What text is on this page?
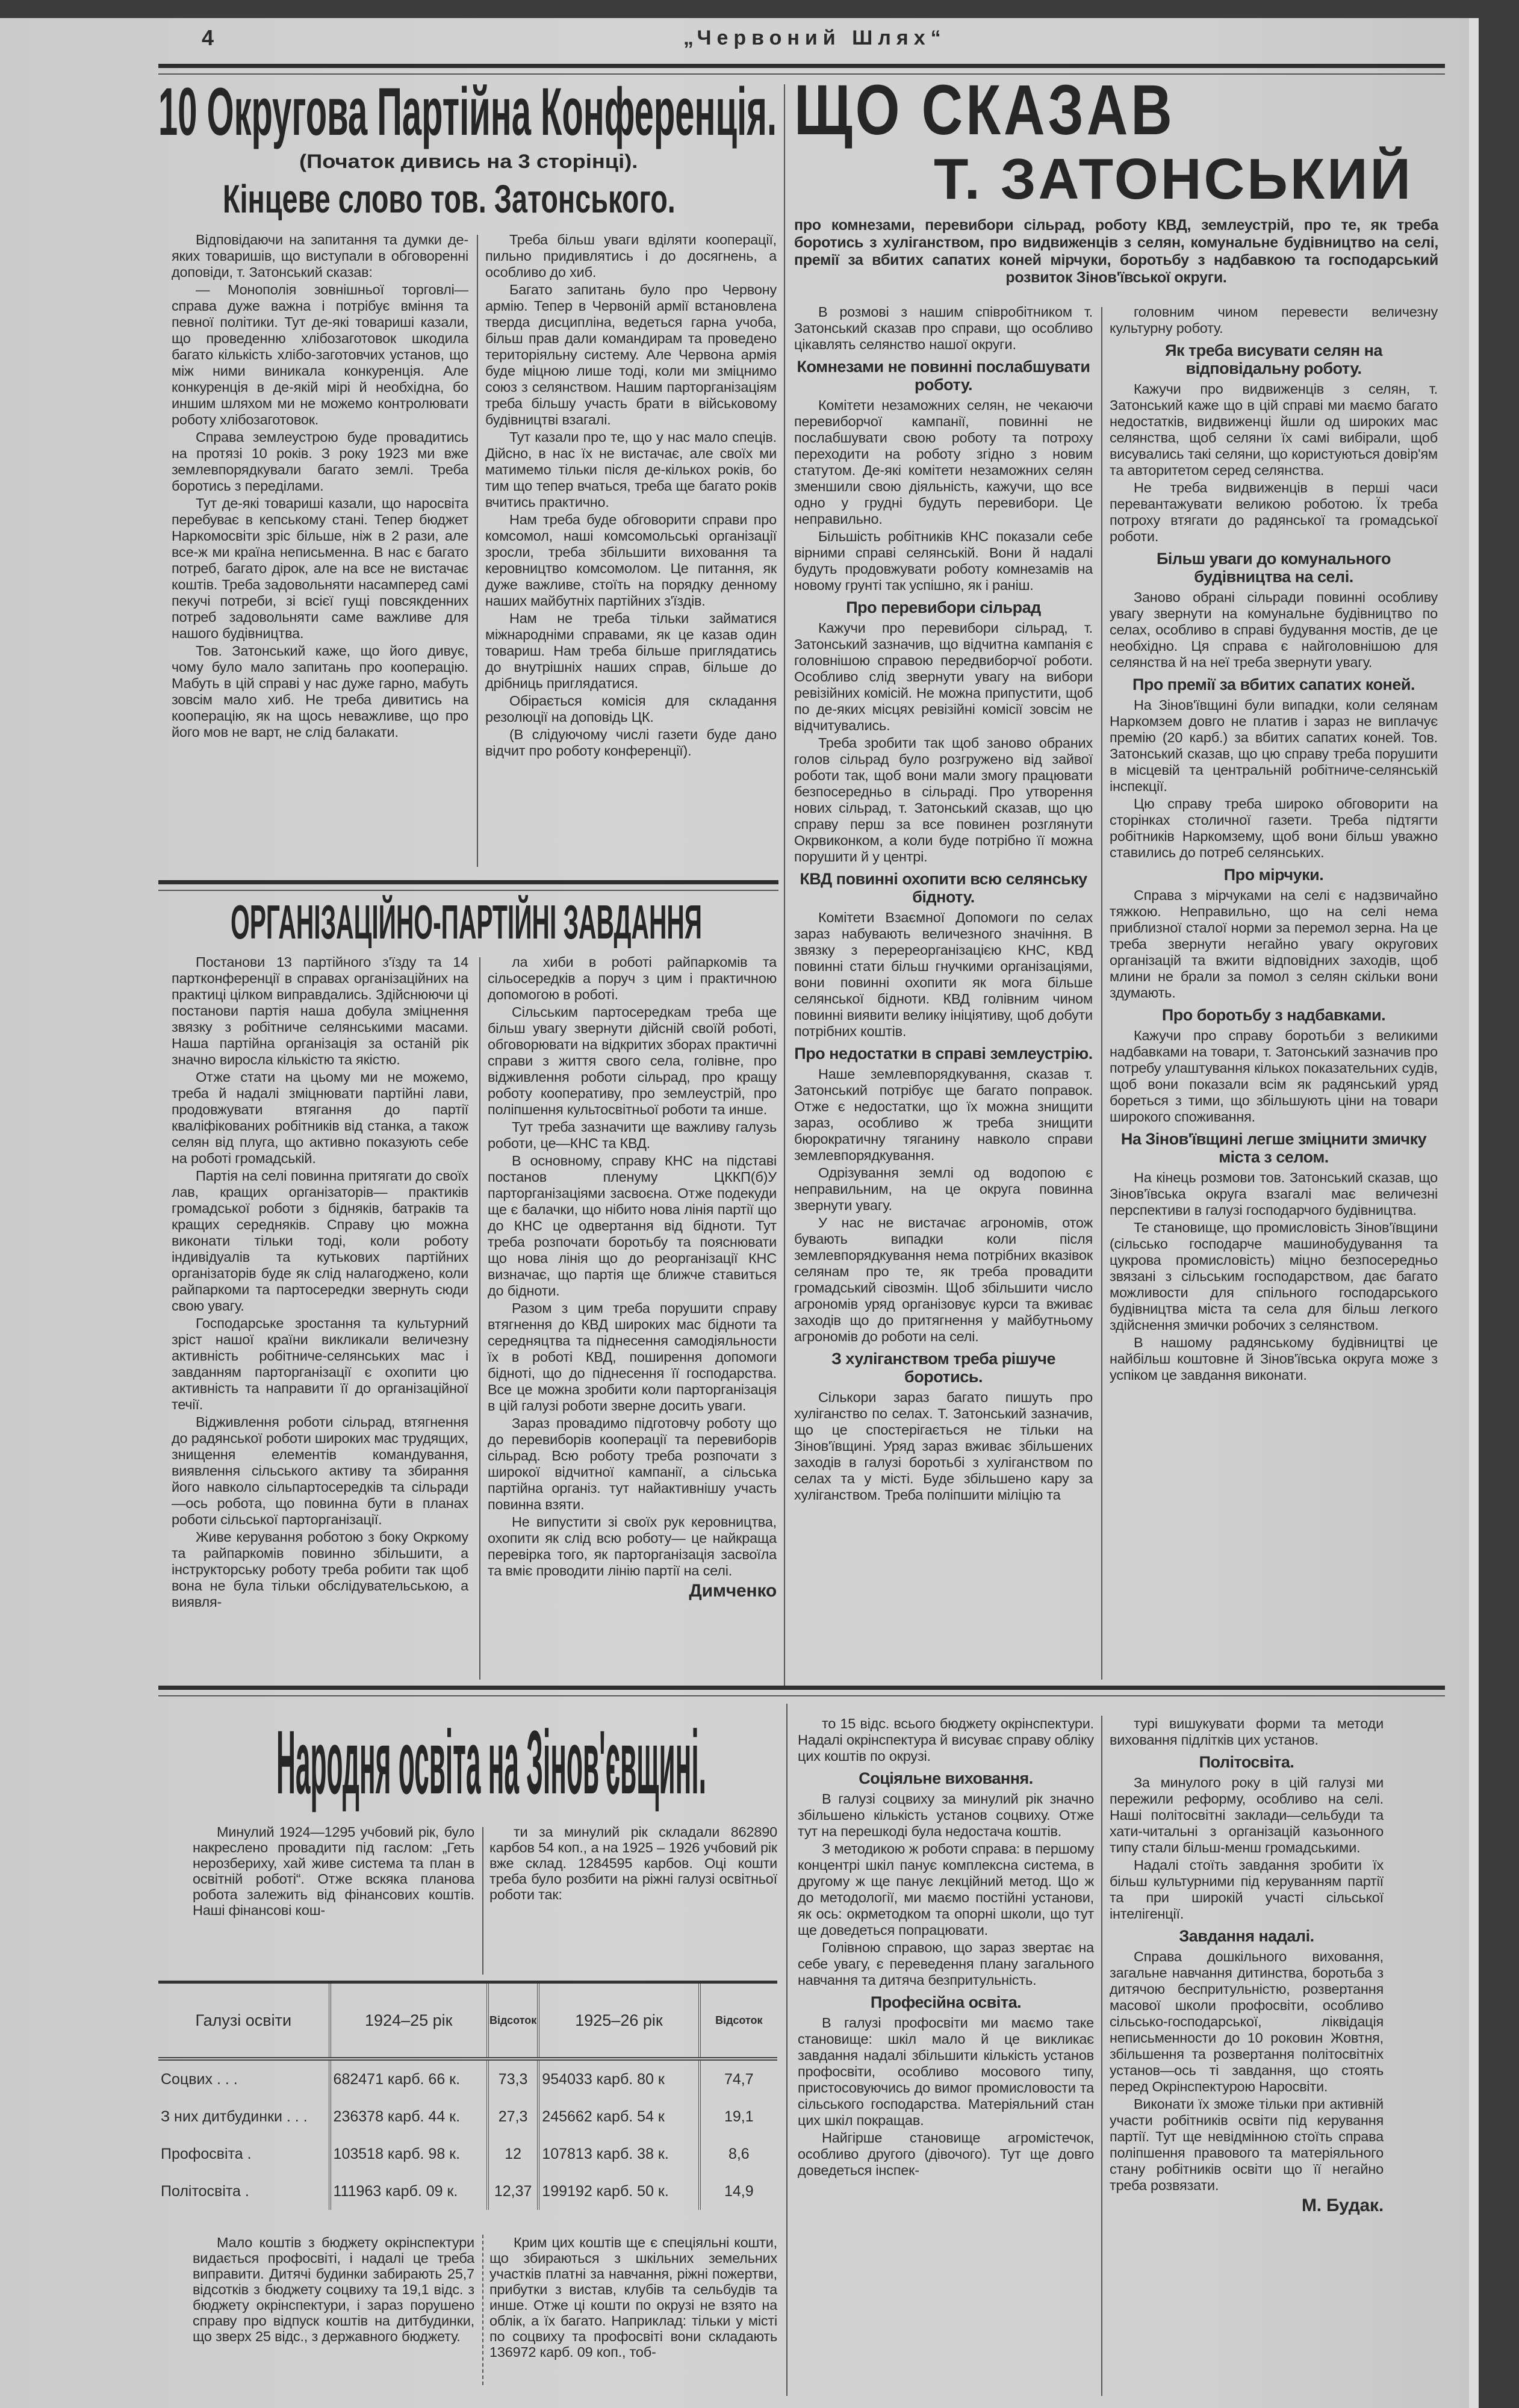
4	„Червоний Шлях“
10 Округова Партійна Конференція.
(Початок дивись на 3 сторінці).
Кінцеве слово тов. Затонського.

Відповідаючи на запитання та думки де-яких товаришів, що виступали в обговоренні доповіди, т. Затонський сказав:

— Монополія зовнішньої торговлі— справа дуже важна і потрібує вміння та певної політики. Тут де-які товариші казали, що проведенню хлібозаготовок шкодила багато кількість хлібо-заготовчих установ, що між ними виникала конкуренція. Але конкуренція в де-якій мірі й необхідна, бо иншим шляхом ми не можемо контролювати роботу хлібозаготовок.

Справа землеустрою буде провадитись на протязі 10 років. З року 1923 ми вже землевпорядкували багато землі. Треба боротись з переділами.

Тут де-які товариші казали, що наросвіта перебуває в кепському стані. Тепер бюджет Наркомосвіти зріс більше, ніж в 2 рази, але все-ж ми країна неписьменна. В нас є багато потреб, багато дірок, але на все не вистачає коштів. Треба задовольняти насамперед самі пекучі потреби, зі всієї гущі повсякденних потреб задовольняти саме важливе для нашого будівництва.

Тов. Затонський каже, що його дивує, чому було мало запитань про кооперацію. Мабуть в цій справі у нас дуже гарно, мабуть зовсім мало хиб. Не треба дивитись на кооперацію, як на щось неважливе, що про його мов не варт, не слід балакати.

Треба більш уваги вділяти кооперації, пильно придивлятись і до досягнень, а особливо до хиб.

Багато запитань було про Червону армію. Тепер в Червоній армії встановлена тверда дисципліна, ведеться гарна учоба, більш прав дали командирам та проведено територіяльну систему. Але Червона армія буде міцною лише тоді, коли ми зміцнимо союз з селянством. Нашим парторганізаціям треба більшу участь брати в військовому будівництві взагалі.

Тут казали про те, що у нас мало спеців. Дійсно, в нас їх не вистачає, але своїх ми матимемо тільки після де-кількох років, бо тим що тепер вчаться, треба ще багато років вчитись практично.

Нам треба буде обговорити справи про комсомол, наші комсомольські організації зросли, треба збільшити виховання та керовництво комсомолом. Це питання, як дуже важливе, стоїть на порядку денному наших майбутніх партійних з'їздів.

Нам не треба тільки займатися міжнародніми справами, як це казав один товариш. Нам треба більше приглядатись до внутрішніх наших справ, більше до дрібниць приглядатися.

Обірається комісія для складання резолюції на доповідь ЦК.

(В слідуючому числі газети буде дано відчит про роботу конференції).

ОРГАНІЗАЦІЙНО-ПАРТІЙНІ ЗАВДАННЯ

Постанови 13 партійного з'їзду та 14 партконференції в справах організаційних на практиці цілком виправдались. Здійснюючи ці постанови партія наша добула зміцнення звязку з робітниче селянськими масами. Наша партійна організація за останій рік значно виросла кількістю та якістю.

Отже стати на цьому ми не можемо, треба й надалі зміцнювати партійні лави, продовжувати втягання до партії кваліфікованих робітників від станка, а також селян від плуга, що активно показують себе на роботі громадській.

Партія на селі повинна притягати до своїх лав, кращих організаторів— практиків громадської роботи з бідняків, батраків та кращих середняків. Справу цю можна виконати тільки тоді, коли роботу індивідуалів та кутькових партійних організаторів буде як слід налагоджено, коли райпаркоми та партосередки звернуть сюди свою увагу.

Господарське зростання та культурний зріст нашої країни викликали величезну активність робітниче-селянських мас і завданням парторганізації є охопити цю активність та направити її до організаційної течії.

Відживлення роботи сільрад, втягнення до радянської роботи широких мас трудящих, знищення елементів командування, виявлення сільського активу та збирання його навколо сільпартосередків та сільради—ось робота, що повинна бути в планах роботи сільської парторганізації.

Живе керування роботою з боку Окркому та райпаркомів повинно збільшити, а інструкторську роботу треба робити так щоб вона не була тільки обслідувательською, а виявля-

ла хиби в роботі райпаркомів та сільосередків а поруч з цим і практичною допомогою в роботі.

Сільським партосередкам треба ще більш увагу звернути дійсній своїй роботі, обговорювати на відкритих зборах практичні справи з життя свого села, голівне, про відживлення роботи сільрад, про кращу роботу кооперативу, про землеустрій, про поліпшення культосвітньої роботи та инше.

Тут треба зазначити ще важливу галузь роботи, це—КНС та КВД.

В основному, справу КНС на підставі постанов пленуму ЦККП(б)У парторганізаціями засвоєна. Отже подекуди ще є балачки, що нібито нова лінія партії що до КНС це одвертання від бідноти. Тут треба розпочати боротьбу та пояснювати що нова лінія що до реорганізації КНС визначає, що партія ще ближче ставиться до бідноти.

Разом з цим треба порушити справу втягнення до КВД широких мас бідноти та середняцтва та піднесення самодіяльности їх в роботі КВД, поширення допомоги бідноті, що до піднесення її господарства. Все це можна зробити коли парторганізація в цій галузі роботи зверне досить уваги.

Зараз провадимо підготовчу роботу що до перевиборів кооперації та перевиборів сільрад. Всю роботу треба розпочати з широкої відчитної кампанії, а сільська партійна організ. тут найактивнішу участь повинна взяти.

Не випустити зі своїх рук керовництва, охопити як слід всю роботу— це найкраща перевірка того, як парторганізація засвоїла та вміє проводити лінію партії на селі.

Димченко

ЩО СКАЗАВ
Т. ЗАТОНСЬКИЙ
про комнезами, перевибори сільрад, роботу КВД, землеустрій, про те, як треба боротись з хуліганством, про видвиженців з селян, комунальне будівництво на селі, премії за вбитих сапатих коней мірчуки, боротьбу з надбавкою та господарський розвиток Зінов'ївської округи.

В розмові з нашим співробітником т. Затонський сказав про справи, що особливо цікавлять селянство нашої округи.

Комнезами не повинні послабшувати роботу.

Комітети незаможних селян, не чекаючи перевиборчої кампанії, повинні не послабшувати свою роботу та потроху переходити на роботу згідно з новим статутом. Де-які комітети незаможних селян зменшили свою діяльність, кажучи, що все одно у грудні будуть перевибори. Це неправильно.

Більшість робітників КНС показали себе вірними справі селянській. Вони й надалі будуть продовжувати роботу комнезамів на новому грунті так успішно, як і раніш.

Про перевибори сільрад

Кажучи про перевибори сільрад, т. Затонський зазначив, що відчитна кампанія є головнішою справою передвиборчої роботи. Особливо слід звернути увагу на вибори ревізійних комісій. Не можна припустити, щоб по де-яких місцях ревізійні комісії зовсім не відчитувались.

Треба зробити так щоб заново обраних голов сільрад було розгружено від зайвої роботи так, щоб вони мали змогу працювати безпосередньо в сільраді. Про утворення нових сільрад, т. Затонський сказав, що цю справу перш за все повинен розглянути Окрвиконком, а коли буде потрібно її можна порушити й у центрі.

КВД повинні охопити всю селянську бідноту.

Комітети Взаємної Допомоги по селах зараз набувають величезного значіння. В звязку з перереорганізацією КНС, КВД повинні стати більш гнучкими організаціями, вони повинні охопити як мога більше селянської бідноти. КВД голівним чином повинні виявити велику ініціятиву, щоб добути потрібних коштів.

Про недостатки в справі землеустрію.

Наше землевпорядкування, сказав т. Затонський потрібує ще багато поправок. Отже є недостатки, що їх можна знищити зараз, особливо ж треба знищити бюрократичну тяганину навколо справи землевпорядкування.

Одрізування землі од водопою є неправильним, на це округа повинна звернути увагу.

У нас не вистачає агрономів, отож бувають випадки коли після землевпорядкування нема потрібних вказівок селянам про те, як треба провадити громадський сівозмін. Щоб збільшити число агрономів уряд організовує курси та вживає заходів що до притягнення у майбутньому агрономів до роботи на селі.

З хуліганством треба рішуче боротись.

Сількори зараз багато пишуть про хуліганство по селах. Т. Затонський зазначив, що це спостерігається не тільки на Зінов'ївщині. Уряд зараз вживає збільшених заходів в галузі боротьбі з хуліганством по селах та у місті. Буде збільшено кару за хуліганством. Треба поліпшити міліцію та

головним чином перевести величезну культурну роботу.

Як треба висувати селян на відповідальну роботу.

Кажучи про видвиженців з селян, т. Затонський каже що в цій справі ми маємо багато недостатків, видвиженці йшли од широких мас селянства, щоб селяни їх самі вибірали, щоб висувались такі селяни, що користуються довір'ям та авторитетом серед селянства.

Не треба видвиженців в перші часи перевантажувати великою роботою. Їх треба потроху втягати до радянської та громадської роботи.

Більш уваги до комунального будівництва на селі.

Заново обрані сільради повинні особливу увагу звернути на комунальне будівництво по селах, особливо в справі будування мостів, де це необхідно. Ця справа є найголовнішою для селянства й на неї треба звернути увагу.

Про премії за вбитих сапатих коней.

На Зінов'ївщині були випадки, коли селянам Наркомзем довго не платив і зараз не виплачує премію (20 карб.) за вбитих сапатих коней. Тов. Затонський сказав, що цю справу треба порушити в місцевій та центральній робітниче-селянській інспекції.

Цю справу треба широко обговорити на сторінках столичної газети. Треба підтягти робітників Наркомзему, щоб вони більш уважно ставились до потреб селянських.

Про мірчуки.

Справа з мірчуками на селі є надзвичайно тяжкою. Неправильно, що на селі нема приблизної сталої норми за перемол зерна. На це треба звернути негайно увагу округових організацій та вжити відповідних заходів, щоб млини не брали за помол з селян скільки вони здумають.

Про боротьбу з надбавками.

Кажучи про справу боротьби з великими надбавками на товари, т. Затонський зазначив про потребу улаштування кількох показательних судів, щоб вони показали всім як радянський уряд бореться з тими, що збільшують ціни на товари широкого споживання.

На Зінов'ївщині легше зміцнити змичку міста з селом.

На кінець розмови тов. Затонський сказав, що Зінов'ївська округа взагалі має величезні перспективи в галузі господарчого будівництва.

Те становище, що промисловість Зінов'ївщини (сільсько господарче машинобудування та цукрова промисловість) міцно безпосередньо звязані з сільським господарством, дає багато можливости для спільного господарського будівництва міста та села для більш легкого здійснення змички робочих з селянством.

В нашому радянському будівництві це найбільш коштовне й Зінов'ївська округа може з успіком це завдання виконати.

Народня освіта на Зінов'євщині.

Минулий 1924—1295 учбовий рік, було накреслено провадити під гаслом: „Геть нерозбериху, хай живе система та план в освітній роботі“. Отже вскяка планова робота залежить від фінансових коштів. Наші фінансові кош-

ти за минулий рік складали 862890 карбов 54 коп., а на 1925 – 1926 учбовий рік вже склад. 1284595 карбов. Оці кошти треба було розбити на ріжні галузі освітньої роботи так:

Галузі освіти	1924–25 рік	Відсоток	1925–26 рік	Відсоток
Соцвих . . .	682471 карб. 66 к.	73,3	954033 карб. 80 к	74,7
З них дитбудинки . . .	236378 карб. 44 к.	27,3	245662 карб. 54 к	19,1
Профосвіта .	103518 карб. 98 к.	12	107813 карб. 38 к.	8,6
Політосвіта .	111963 карб. 09 к.	12,37	199192 карб. 50 к.	14,9

Мало коштів з бюджету окрінспектури видається профосвіті, і надалі це треба виправити. Дитячі будинки забирають 25,7 відсотків з бюджету соцвиху та 19,1 відс. з бюджету окрінспектури, і зараз порушено справу про відпуск коштів на дитбудинки, що зверх 25 відс., з державного бюджету.

Крим цих коштів ще є спеціяльні кошти, що збираються з шкільних земельних участків платні за навчання, ріжні пожертви, прибутки з вистав, клубів та сельбудів та инше. Отже ці кошти по окрузі не взято на облік, а їх багато. Наприклад: тільки у місті по соцвиху та профосвіті вони складають 136972 карб. 09 коп., тоб-

то 15 відс. всього бюджету окрінспектури. Надалі окрінспектура й висуває справу обліку цих коштів по окрузі.

Соціяльне виховання.

В галузі соцвиху за минулий рік значно збільшено кількість установ соцвиху. Отже тут на перешкоді була недостача коштів.

З методикою ж роботи справа: в першому концентрі шкіл панує комплексна система, в другому ж ще панує лекційний метод. Що ж до методології, ми маємо постійні установи, як ось: окрметодком та опорні школи, що тут ще доведеться попрацювати.

Голівною справою, що зараз звертає на себе увагу, є переведення плану загального навчання та дитяча безпритульність.

Професійна освіта.

В галузі профосвіти ми маємо таке становище: шкіл мало й це викликає завдання надалі збільшити кількість установ профосвіти, особливо мосового типу, пристосовуючись до вимог промисловости та сільського господарства. Матеріяльний стан цих шкіл покращав.

Найгірше становище агромістечок, особливо другого (дівочого). Тут ще довго доведеться інспек-

турі вишукувати форми та методи виховання підлітків цих установ.

Політосвіта.

За минулого року в цій галузі ми пережили реформу, особливо на селі. Наші політосвітні заклади—сельбуди та хати-читальні з організацій казьонного типу стали більш-менш громадськими.

Надалі стоїть завдання зробити їх більш культурними під керуванням партії та при широкій участі сільської інтелігенції.

Завдання надалі.

Справа дошкільного виховання, загальне навчання дитинства, боротьба з дитячою беспритульністю, розвертання масової школи профосвіти, особливо сільсько-господарської, ліквідація неписьменности до 10 роковин Жовтня, збільшення та розвертання політосвітніх установ—ось ті завдання, що стоять перед Окрінспектурою Наросвіти.

Виконати їх зможе тільки при активній участи робітників освіти під керування партії. Тут ще невідмінною стоїть справа поліпшення правового та матеріяльного стану робітників освіти що її негайно треба розвязати.

М. Будак.
